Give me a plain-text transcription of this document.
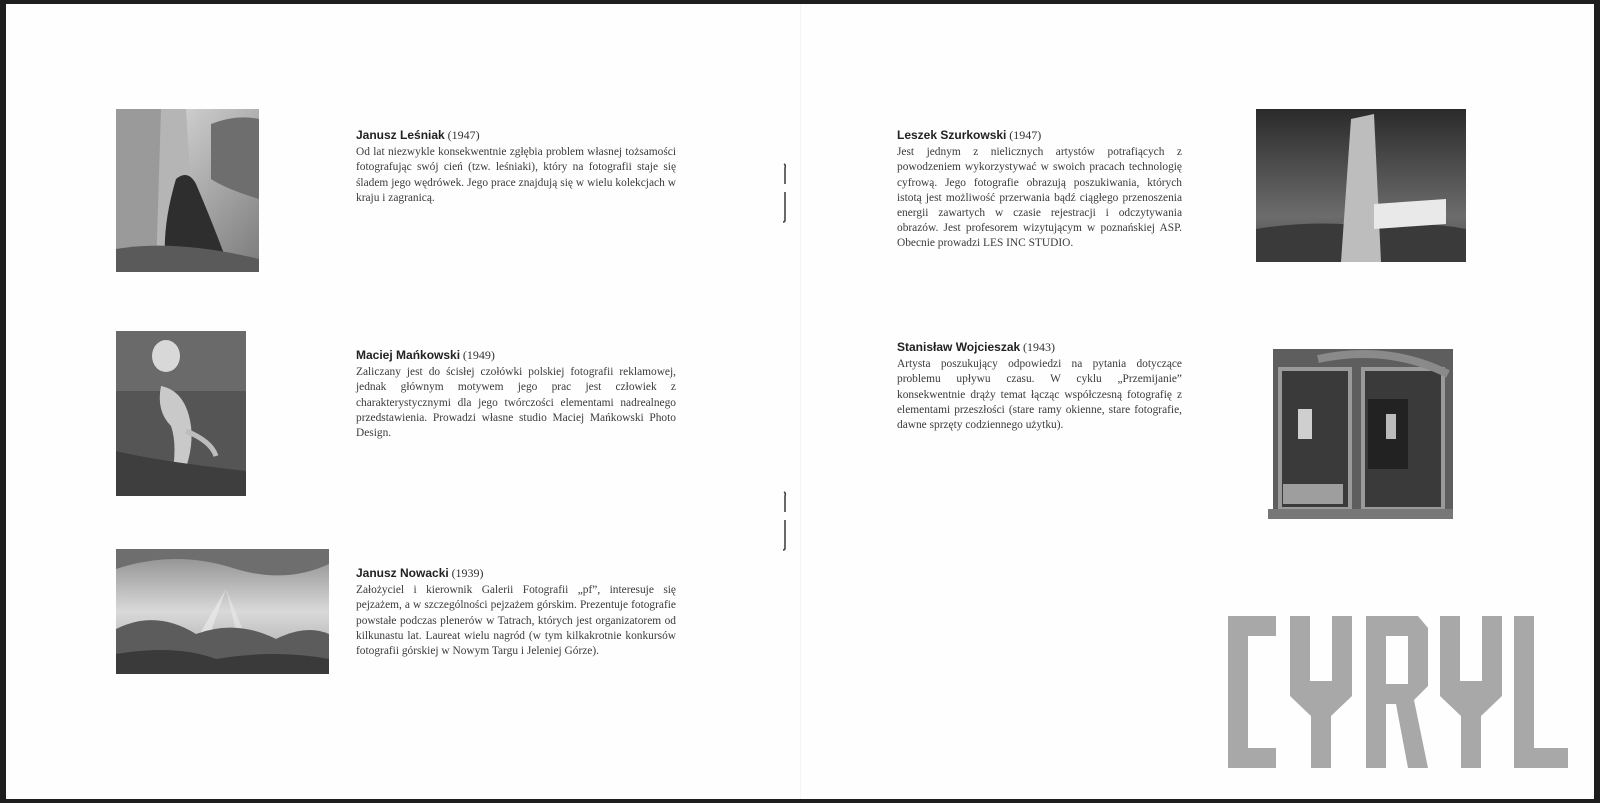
Janusz Leśniak (1947)
Od lat niezwykle konsekwentnie zgłębia problem własnej tożsamości fotografując swój cień (tzw. leśniaki), który na fotografii staje się śladem jego wędrówek. Jego prace znajdują się w wielu kolekcjach w kraju i zagranicą.
Maciej Mańkowski (1949)
Zaliczany jest do ścisłej czołówki polskiej fotografii reklamowej, jednak głównym motywem jego prac jest człowiek z charakterystycznymi dla jego twórczości elementami nadrealnego przedstawienia. Prowadzi własne studio Maciej Mańkowski Photo Design.
Janusz Nowacki (1939)
Założyciel i kierownik Galerii Fotografii „pf”, interesuje się pejzażem, a w szczególności pejzażem górskim. Prezentuje fotografie powstałe podczas plenerów w Tatrach, których jest organizatorem od kilkunastu lat. Laureat wielu nagród (w tym kilkakrotnie konkursów fotografii górskiej w Nowym Targu i Jeleniej Górze).
Leszek Szurkowski (1947)
Jest jednym z nielicznych artystów potrafiących z powodzeniem wykorzystywać w swoich pracach technologię cyfrową. Jego fotografie obrazują poszukiwania, których istotą jest możliwość przerwania bądź ciągłego przenoszenia energii zawartych w czasie rejestracji i odczytywania obrazów. Jest profesorem wizytującym w poznańskiej ASP. Obecnie prowadzi LES INC STUDIO.
Stanisław Wojcieszak (1943)
Artysta poszukujący odpowiedzi na pytania dotyczące problemu upływu czasu. W cyklu „Przemijanie” konsekwentnie drąży temat łącząc współczesną fotografię z elementami przeszłości (stare ramy okienne, stare fotografie, dawne sprzęty codziennego użytku).
